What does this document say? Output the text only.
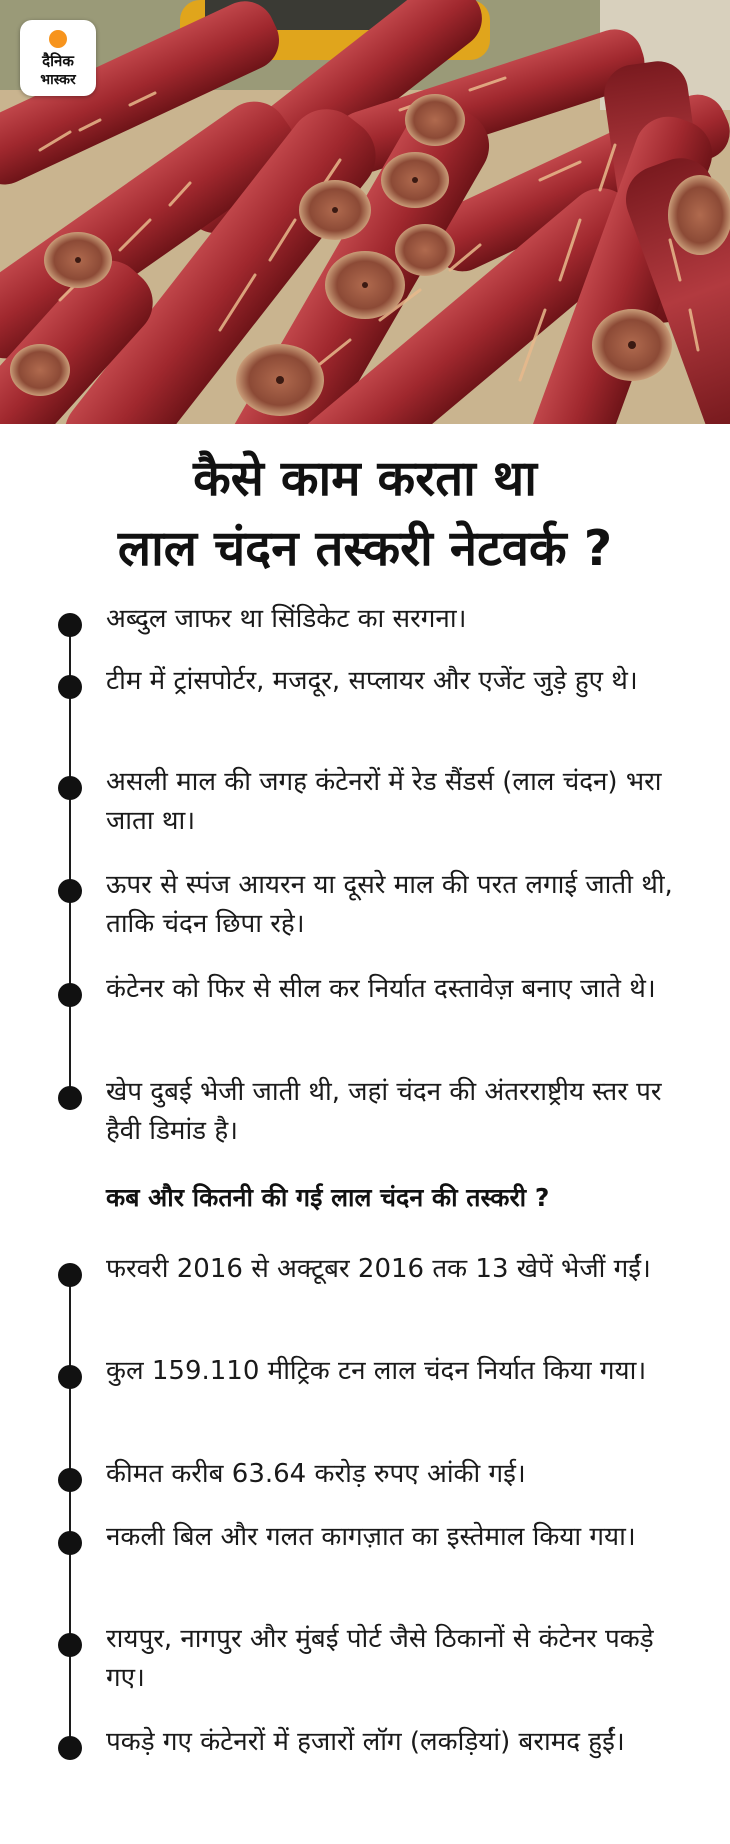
दैनिक
भास्कर
कैसे काम करता था
लाल चंदन तस्करी नेटवर्क ?
अब्दुल जाफर था सिंडिकेट का सरगना।
टीम में ट्रांसपोर्टर, मजदूर, सप्लायर और एजेंट जुड़े हुए थे।
असली माल की जगह कंटेनरों में रेड सैंडर्स (लाल चंदन) भरा जाता था।
ऊपर से स्पंज आयरन या दूसरे माल की परत लगाई जाती थी, ताकि चंदन छिपा रहे।
कंटेनर को फिर से सील कर निर्यात दस्तावेज़ बनाए जाते थे।
खेप दुबई भेजी जाती थी, जहां चंदन की अंतरराष्ट्रीय स्तर पर हैवी डिमांड है।
कब और कितनी की गई लाल चंदन की तस्करी ?
फरवरी 2016 से अक्टूबर 2016 तक 13 खेपें भेजीं गईं।
कुल 159.110 मीट्रिक टन लाल चंदन निर्यात किया गया।
कीमत करीब 63.64 करोड़ रुपए आंकी गई।
नकली बिल और गलत कागज़ात का इस्तेमाल किया गया।
रायपुर, नागपुर और मुंबई पोर्ट जैसे ठिकानों से कंटेनर पकड़े गए।
पकड़े गए कंटेनरों में हजारों लॉग (लकड़ियां) बरामद हुईं।
